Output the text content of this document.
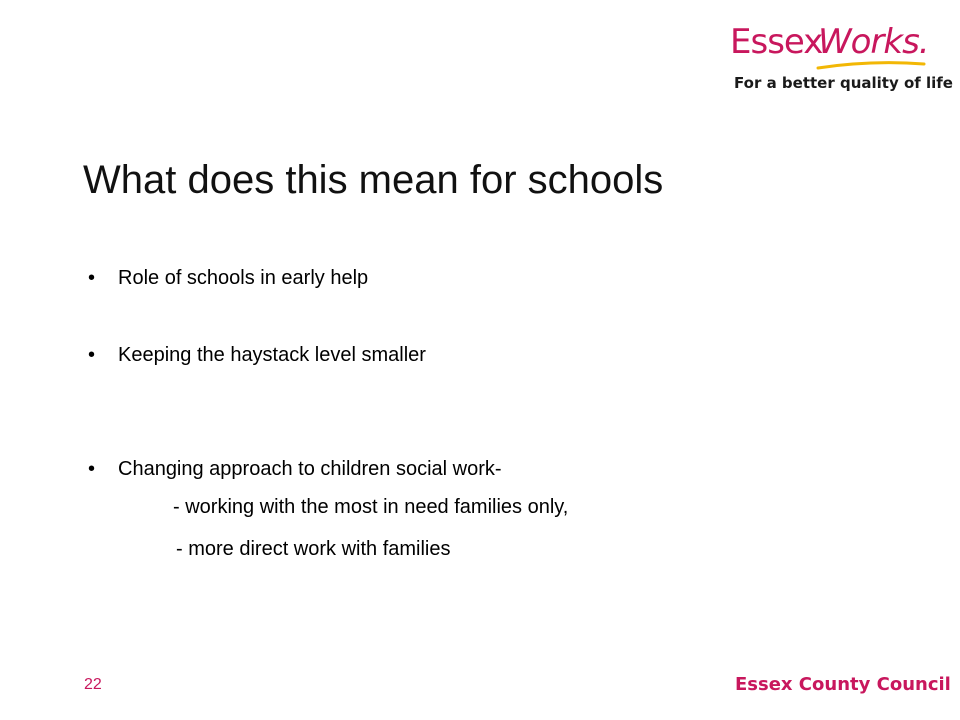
Essex
Works.
For a better quality of life
What does this mean for schools
• Role of schools in early help
• Keeping the haystack level smaller
• Changing approach to children social work-
- working with the most in need families only,
- more direct work with families
22	Essex County Council
